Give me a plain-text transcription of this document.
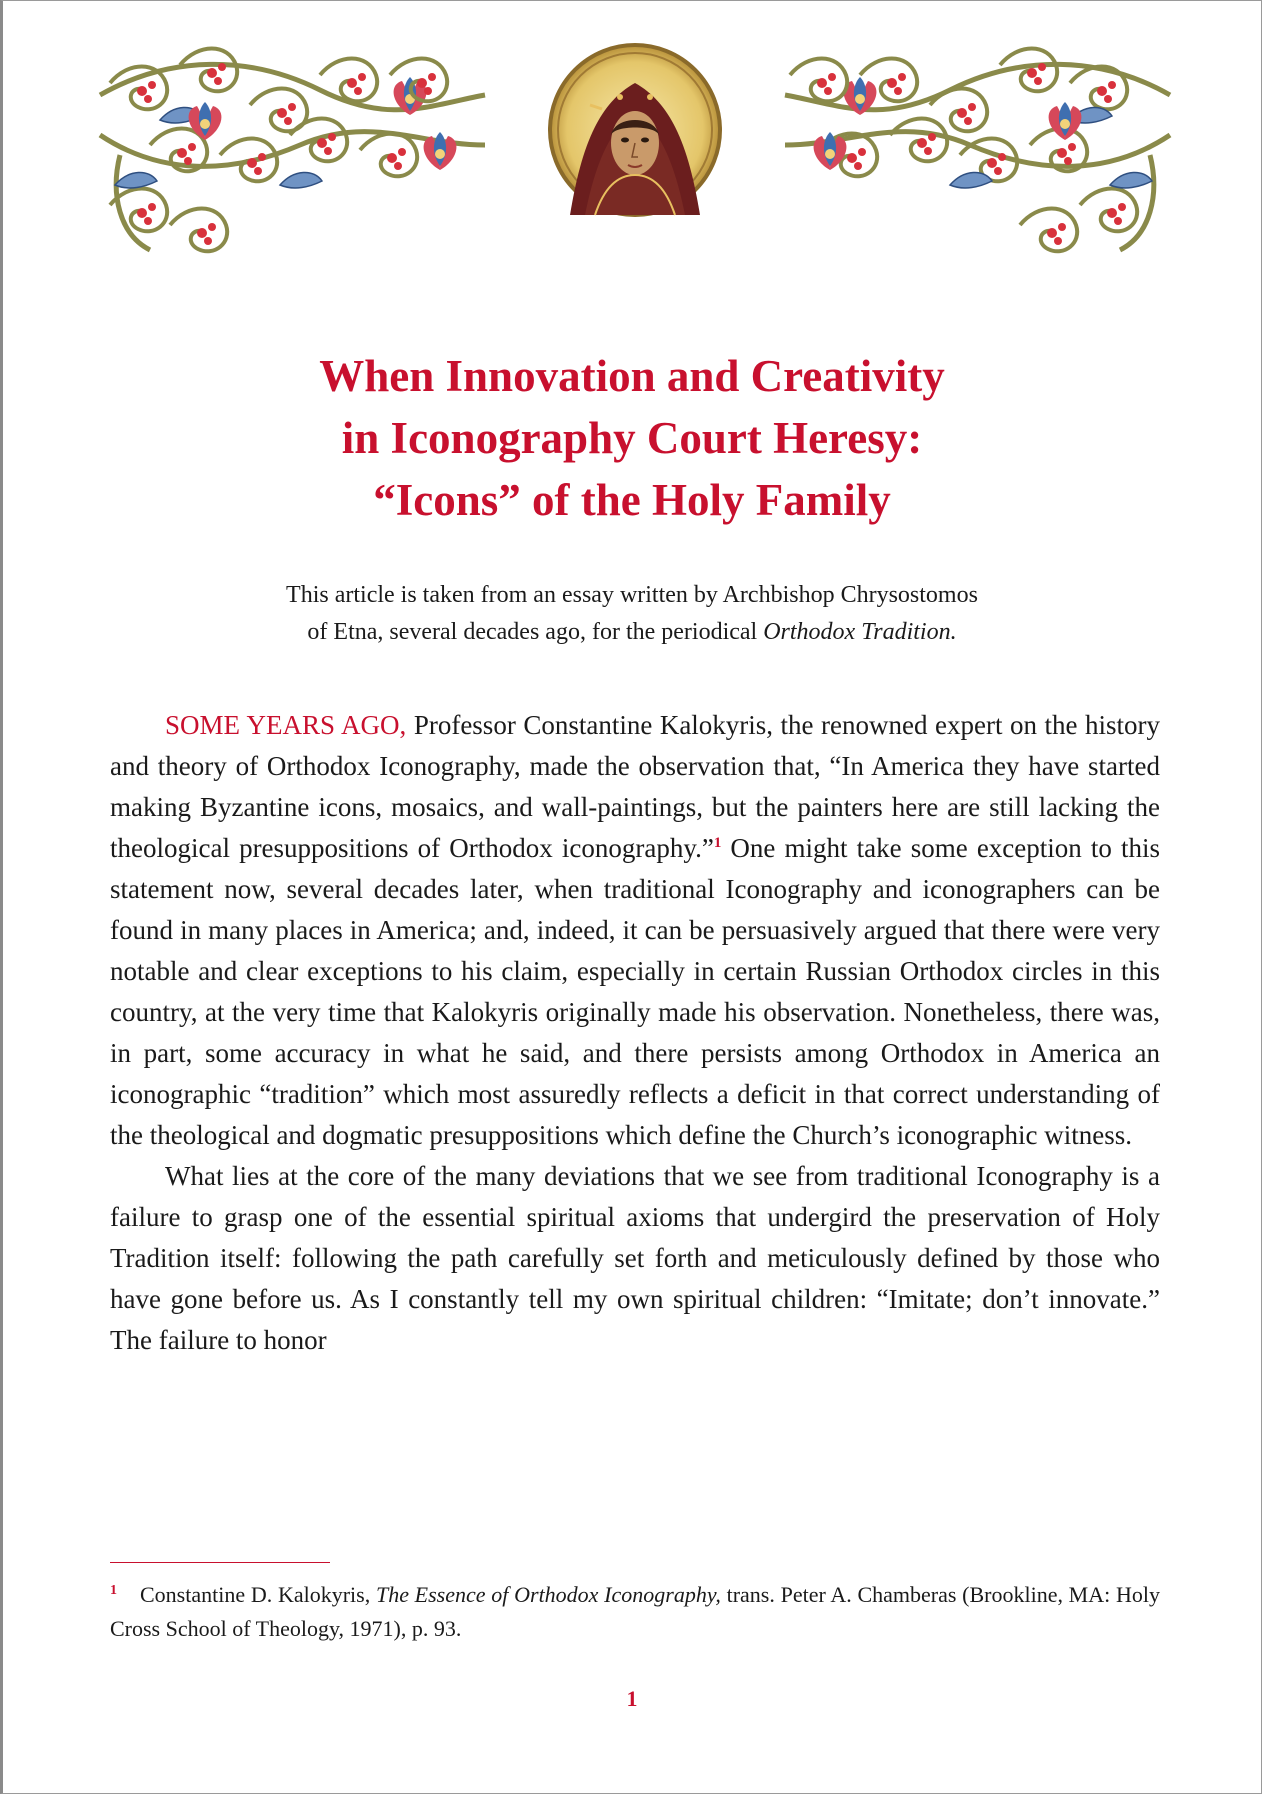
When Innovation and Creativity
in Iconography Court Heresy:
“Icons” of the Holy Family
This article is taken from an essay written by Archbishop Chrysostomos
of Etna, several decades ago, for the periodical Orthodox Tradition.

SOME YEARS AGO, Professor Constantine Kalokyris, the renowned expert on the history and theory of Orthodox Iconography, made the observation that, “In America they have started making Byzantine icons, mosaics, and wall-paintings, but the painters here are still lacking the theological presuppositions of Orthodox iconography.”$^1$ One might take some exception to this statement now, several decades later, when traditional Iconography and iconographers can be found in many places in America; and, indeed, it can be persuasively argued that there were very notable and clear exceptions to his claim, especially in certain Russian Orthodox circles in this country, at the very time that Kalokyris originally made his observation. Nonetheless, there was, in part, some accuracy in what he said, and there persists among Orthodox in America an iconographic “tradition” which most assuredly reflects a deficit in that correct understanding of the theological and dogmatic presuppositions which define the Church’s iconographic witness.

What lies at the core of the many deviations that we see from traditional Iconography is a failure to grasp one of the essential spiritual axioms that undergird the preservation of Holy Tradition itself: following the path carefully set forth and meticulously defined by those who have gone before us. As I constantly tell my own spiritual children: “Imitate; don’t innovate.” The failure to honor

1 Constantine D. Kalokyris, The Essence of Orthodox Iconography, trans. Peter A. Chamberas (Brookline, MA: Holy Cross School of Theology, 1971), p. 93.
1
